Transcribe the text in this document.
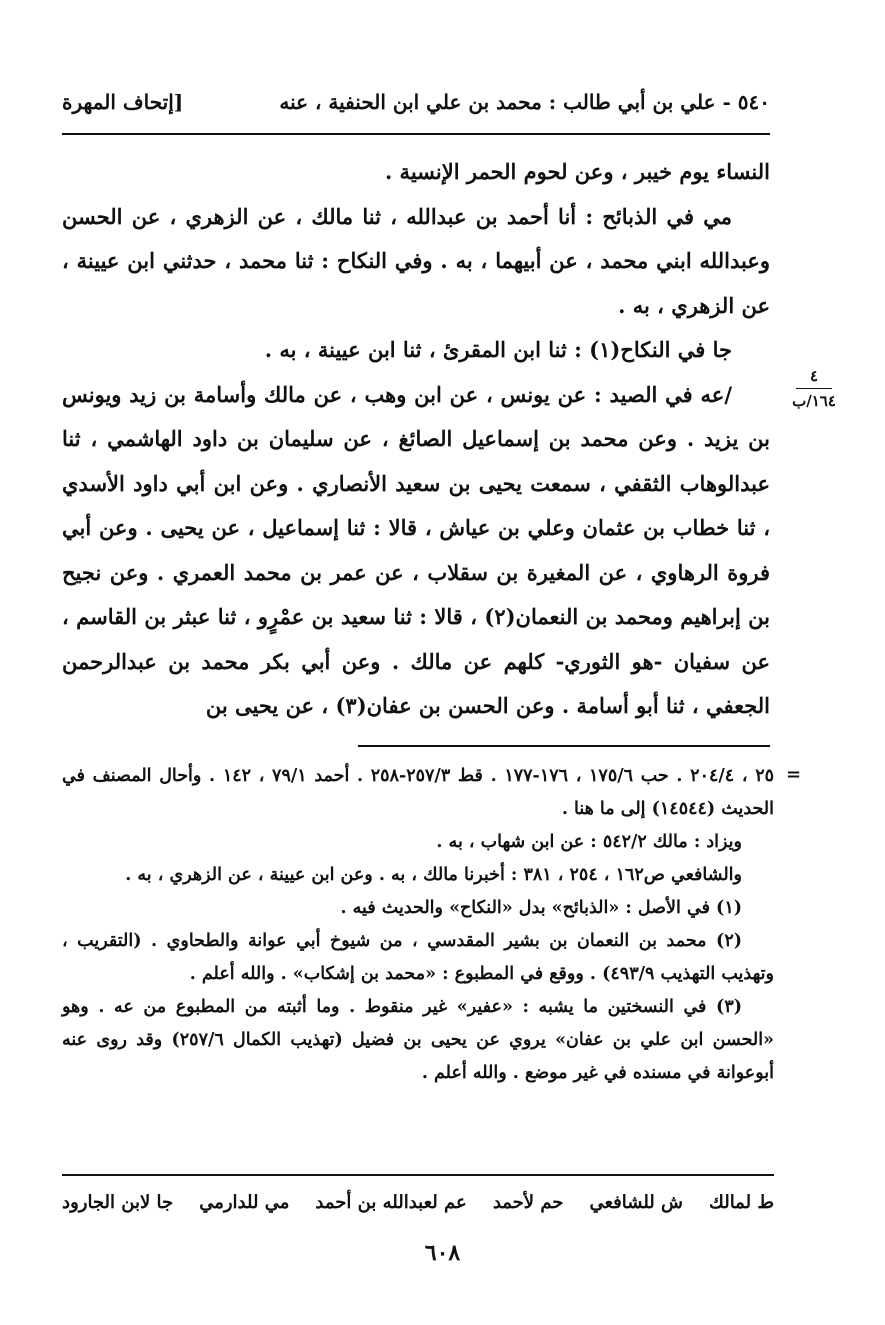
٥٤٠ - علي بن أبي طالب : محمد بن علي ابن الحنفية ، عنه
[إتحاف المهرة

النساء يوم خيبر ، وعن لحوم الحمر الإنسية .

مي في الذبائح : أنا أحمد بن عبدالله ، ثنا مالك ، عن الزهري ، عن الحسن وعبدالله ابني محمد ، عن أبيهما ، به . وفي النكاح : ثنا محمد ، حدثني ابن عيينة ، عن الزهري ، به .

جا في النكاح(١) : ثنا ابن المقرئ ، ثنا ابن عيينة ، به .

/عه في الصيد : عن يونس ، عن ابن وهب ، عن مالك وأسامة بن زيد ويونس بن يزيد . وعن محمد بن إسماعيل الصائغ ، عن سليمان بن داود الهاشمي ، ثنا عبدالوهاب الثقفي ، سمعت يحيى بن سعيد الأنصاري . وعن ابن أبي داود الأسدي ، ثنا خطاب بن عثمان وعلي بن عياش ، قالا : ثنا إسماعيل ، عن يحيى . وعن أبي فروة الرهاوي ، عن المغيرة بن سقلاب ، عن عمر بن محمد العمري . وعن نجيح بن إبراهيم ومحمد بن النعمان(٢) ، قالا : ثنا سعيد بن عمْرٍو ، ثنا عبثر بن القاسم ، عن سفيان -هو الثوري- كلهم عن مالك . وعن أبي بكر محمد بن عبدالرحمن الجعفي ، ثنا أبو أسامة . وعن الحسن بن عفان(٣) ، عن يحيى بن

٤
١٦٤/ب
=

٢٥ ، ٢٠٤/٤ . حب ١٧٥/٦ ، ١٧٦-١٧٧ . قط ٢٥٧/٣-٢٥٨ . أحمد ٧٩/١ ، ١٤٢ . وأحال المصنف في الحديث (١٤٥٤٤) إلى ما هنا .

ويزاد : مالك ٥٤٢/٢ : عن ابن شهاب ، به .

والشافعي ص١٦٢ ، ٢٥٤ ، ٣٨١ : أخبرنا مالك ، به . وعن ابن عيينة ، عن الزهري ، به .

(١) في الأصل : «الذبائح» بدل «النكاح» والحديث فيه .

(٢) محمد بن النعمان بن بشير المقدسي ، من شيوخ أبي عوانة والطحاوي . (التقريب ، وتهذيب التهذيب ٤٩٣/٩) . ووقع في المطبوع : «محمد بن إشكاب» . والله أعلم .

(٣) في النسختين ما يشبه : «عفير» غير منقوط . وما أثبته من المطبوع من عه . وهو «الحسن ابن علي بن عفان» يروي عن يحيى بن فضيل (تهذيب الكمال ٢٥٧/٦) وقد روى عنه أبوعوانة في مسنده في غير موضع . والله أعلم .

ط لمالك
ش للشافعي
حم لأحمد
عم لعبدالله بن أحمد
مي للدارمي
جا لابن الجارود
٦٠٨
